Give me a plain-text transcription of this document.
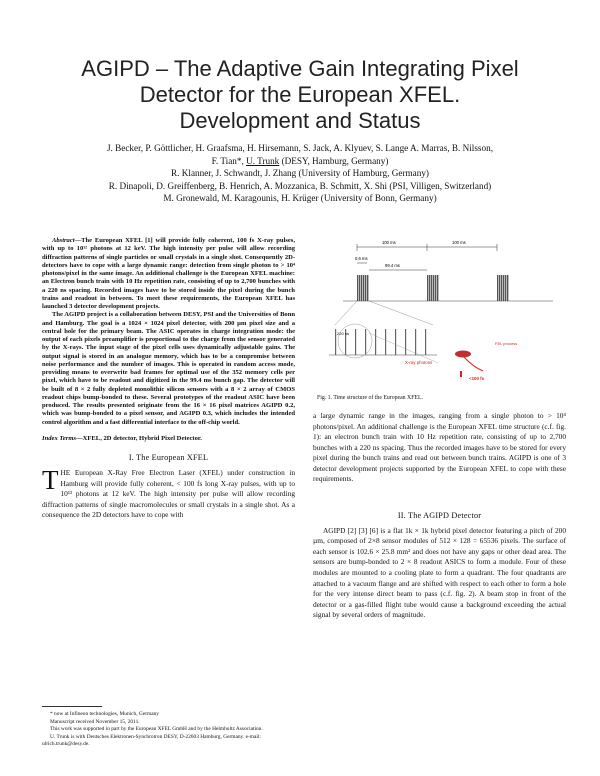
AGIPD – The Adaptive Gain Integrating Pixel
Detector for the European XFEL.
Development and Status
J. Becker, P. Göttlicher, H. Graafsma, H. Hirsemann, S. Jack, A. Klyuev, S. Lange A. Marras, B. Nilsson,
F. Tian*, U. Trunk (DESY, Hamburg, Germany)
R. Klanner, J. Schwandt, J. Zhang (University of Hamburg, Germany)
R. Dinapoli, D. Greiffenberg, B. Henrich, A. Mozzanica, B. Schmitt, X. Shi (PSI, Villigen, Switzerland)
M. Gronewald, M. Karagounis, H. Krüger (University of Bonn, Germany)

Abstract—The European XFEL [1] will provide fully coherent, 100 fs X-ray pulses, with up to 10¹² photons at 12 keV. The high intensity per pulse will allow recording diffraction patterns of single particles or small crystals in a single shot. Consequently 2D-detectors have to cope with a large dynamic range: detection from single photon to > 10⁴ photons/pixel in the same image. An additional challenge is the European XFEL machine: an Electron bunch train with 10 Hz repetition rate, consisting of up to 2,700 bunches with a 220 ns spacing. Recorded images have to be stored inside the pixel during the bunch trains and readout in between. To meet these requirements, the European XFEL has launched 3 detector development projects.

The AGIPD project is a collaboration between DESY, PSI and the Universities of Bonn and Hamburg. The goal is a 1024 × 1024 pixel detector, with 200 µm pixel size and a central hole for the primary beam. The ASIC operates in charge integration mode: the output of each pixels preamplifier is proportional to the charge from the sensor generated by the X-rays. The input stage of the pixel cells uses dynamically adjustable gains. The output signal is stored in an analogue memory, which has to be a compromise between noise performance and the number of images. This is operated in random access mode, providing means to overwrite bad frames for optimal use of the 352 memory cells per pixel, which have to be readout and digitized in the 99.4 ms bunch gap. The detector will be built of 8 × 2 fully depleted monolithic silicon sensors with a 8 × 2 array of CMOS readout chips bump-bonded to these. Several prototypes of the readout ASIC have been produced. The results presented originate from the 16 × 16 pixel matrices AGIPD 0.2, which was bump-bonded to a pixel sensor, and AGIPD 0.3, which includes the intended control algorithm and a fast differential interface to the off-chip world.

Index Terms—XFEL, 2D detector, Hybrid Pixel Detector.
I. The European XFEL
THE European X-Ray Free Electron Laser (XFEL) under construction in Hamburg will provide fully coherent, < 100 fs long X-ray pulses, with up to 10¹² photons at 12 keV. The high intensity per pulse will allow recording diffraction patterns of single macromolecules or small crystals in a single shot. As a consequence the 2D detectors have to cope with

* now at Infineon technologies, Munich, Germany

Manuscript received November 15, 2011.

This work was supported in part by the European XFEL GmbH and by the Helmholtz Association.

U. Trunk is with Deutsches Elektronen-Synchrotron DESY, D-22603 Hamburg, Germany. e-mail: ulrich.trunk@desy.de.

100 ms	100 ms
0.6 ms
99.4 ms
220 ns
X-ray photons
FEL process
<100 fs
Fig. 1. Time structure of the European XFEL.

a large dynamic range in the images, ranging from a single photon to > 10⁴ photons/pixel. An additional challenge is the European XFEL time structure (c.f. fig. 1): an electron bunch train with 10 Hz repetition rate, consisting of up to 2,700 bunches with a 220 ns spacing. Thus the recorded images have to be stored for every pixel during the bunch trains and read out between bunch trains. AGIPD is one of 3 detector development projects supported by the European XFEL to cope with these requirements.

II. The AGIPD Detector

AGIPD [2] [3] [6] is a flat 1k × 1k hybrid pixel detector featuring a pitch of 200 µm, composed of 2×8 sensor modules of 512 × 128 = 65536 pixels. The surface of each sensor is 102.6 × 25.8 mm² and does not have any gaps or other dead area. The sensors are bump-bonded to 2 × 8 readout ASICS to form a module. Four of these modules are mounted to a cooling plate to form a quadrant. The four quadrants are attached to a vacuum flange and are shifted with respect to each other to form a hole for the very intense direct beam to pass (c.f. fig. 2). A beam stop in front of the detector or a gas-filled flight tube would cause a background exceeding the actual signal by several orders of magnitude.
